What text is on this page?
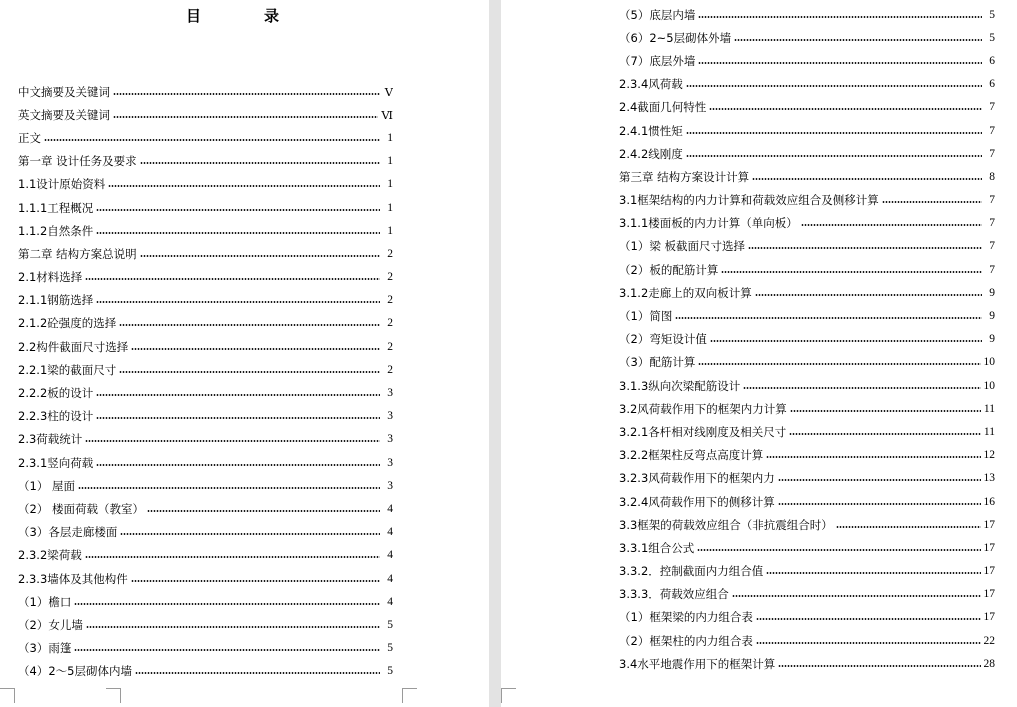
目　录
中文摘要及关键词	Ⅴ
英文摘要及关键词	Ⅵ
正文	1
第一章 设计任务及要求	1
1.1设计原始资料	1
1.1.1工程概况	1
1.1.2自然条件	1
第二章 结构方案总说明	2
2.1材料选择	2
2.1.1钢筋选择	2
2.1.2砼强度的选择	2
2.2构件截面尺寸选择	2
2.2.1梁的截面尺寸	2
2.2.2板的设计	3
2.2.3柱的设计	3
2.3荷载统计	3
2.3.1竖向荷载	3
（1） 屋面	3
（2） 楼面荷载（教室）	4
（3）各层走廊楼面	4
2.3.2梁荷载	4
2.3.3墙体及其他构件	4
（1）檐口	4
（2）女儿墙	5
（3）雨篷	5
（4）2～5层砌体内墙	5
（5）底层内墙	5
（6）2~5层砌体外墙	5
（7）底层外墙	6
2.3.4风荷载	6
2.4截面几何特性	7
2.4.1惯性矩	7
2.4.2线刚度	7
第三章 结构方案设计计算	8
3.1框架结构的内力计算和荷载效应组合及侧移计算	7
3.1.1楼面板的内力计算（单向板）	7
（1）梁 板截面尺寸选择	7
（2）板的配筋计算	7
3.1.2走廊上的双向板计算	9
（1）简图	9
（2）弯矩设计值	9
（3）配筋计算	10
3.1.3纵向次梁配筋设计	10
3.2风荷载作用下的框架内力计算	11
3.2.1各杆相对线刚度及相关尺寸	11
3.2.2框架柱反弯点高度计算	12
3.2.3风荷载作用下的框架内力	13
3.2.4风荷载作用下的侧移计算	16
3.3框架的荷载效应组合（非抗震组合时）	17
3.3.1组合公式	17
3.3.2．控制截面内力组合值	17
3.3.3．荷载效应组合	17
（1）框架梁的内力组合表	17
（2）框架柱的内力组合表	22
3.4水平地震作用下的框架计算	28
